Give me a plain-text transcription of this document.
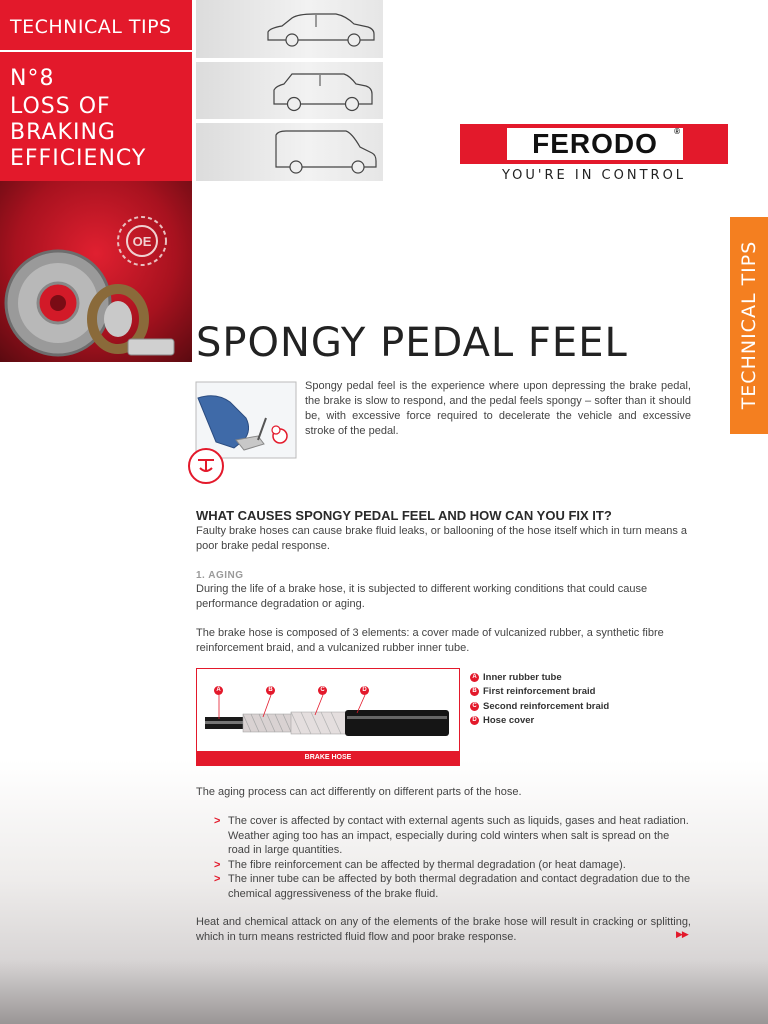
TECHNICAL TIPS
N°8
LOSS OF BRAKING EFFICIENCY
OE
FERODO ®
YOU'RE IN CONTROL
TECHNICAL TIPS
SPONGY PEDAL FEEL
Spongy pedal feel is the experience where upon depressing the brake pedal, the brake is slow to respond, and the pedal feels spongy – softer than it should be, with excessive force required to decelerate the vehicle and excessive stroke of the pedal.
WHAT CAUSES SPONGY PEDAL FEEL AND HOW CAN YOU FIX IT?
Faulty brake hoses can cause brake fluid leaks, or ballooning of the hose itself which in turn means a poor brake pedal response.
1. AGING
During the life of a brake hose, it is subjected to different working conditions that could cause performance degradation or aging.
The brake hose is composed of 3 elements: a cover made of vulcanized rubber, a synthetic fibre reinforcement braid, and a vulcanized rubber inner tube.
A	B	C	D
BRAKE HOSE
A Inner rubber tube
B First reinforcement braid
C Second reinforcement braid
D Hose cover
The aging process can act differently on different parts of the hose.
> The cover is affected by contact with external agents such as liquids, gases and heat radiation. Weather aging too has an impact, especially during cold winters when salt is spread on the road in large quantities.
> The fibre reinforcement can be affected by thermal degradation (or heat damage).
> The inner tube can be affected by both thermal degradation and contact degradation due to the chemical aggressiveness of the brake fluid.
Heat and chemical attack on any of the elements of the brake hose will result in cracking or splitting, which in turn means restricted fluid flow and poor brake response.	▶▶
